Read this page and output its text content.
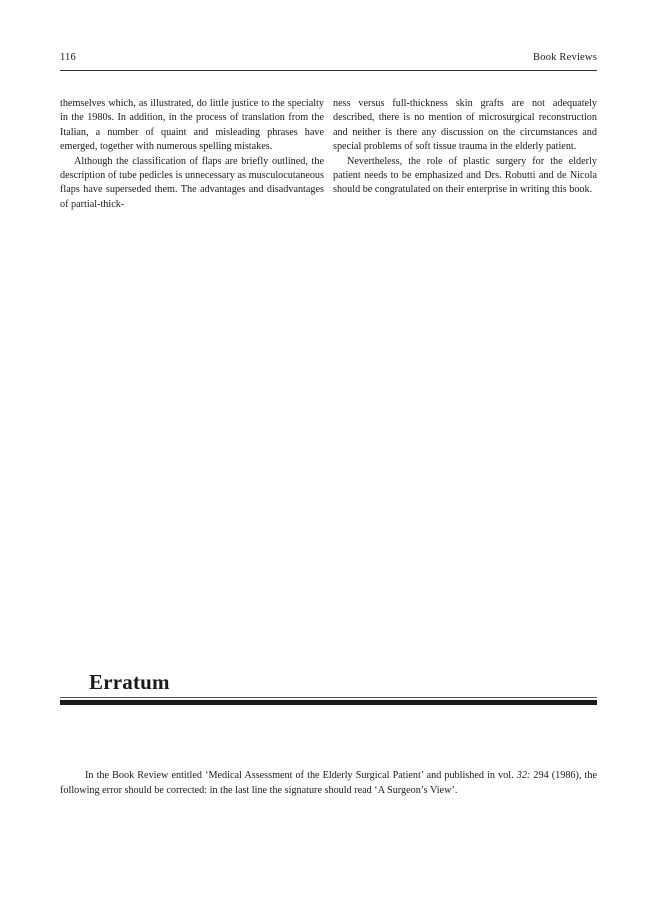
116	Book Reviews

themselves which, as illustrated, do little justice to the specialty in the 1980s. In addition, in the process of translation from the Italian, a number of quaint and misleading phrases have emerged, together with numerous spelling mistakes.

Although the classification of flaps are briefly outlined, the description of tube pedicles is unnecessary as musculocutaneous flaps have superseded them. The advantages and disadvantages of partial-thick-

ness versus full-thickness skin grafts are not adequately described, there is no mention of microsurgical reconstruction and neither is there any discussion on the circumstances and special problems of soft tissue trauma in the elderly patient.

Nevertheless, the role of plastic surgery for the elderly patient needs to be emphasized and Drs. Robutti and de Nicola should be congratulated on their enterprise in writing this book.

Erratum

In the Book Review entitled ‘Medical Assessment of the Elderly Surgical Patient’ and published in vol. 32: 294 (1986), the following error should be corrected: in the last line the signature should read ‘A Surgeon’s View’.
